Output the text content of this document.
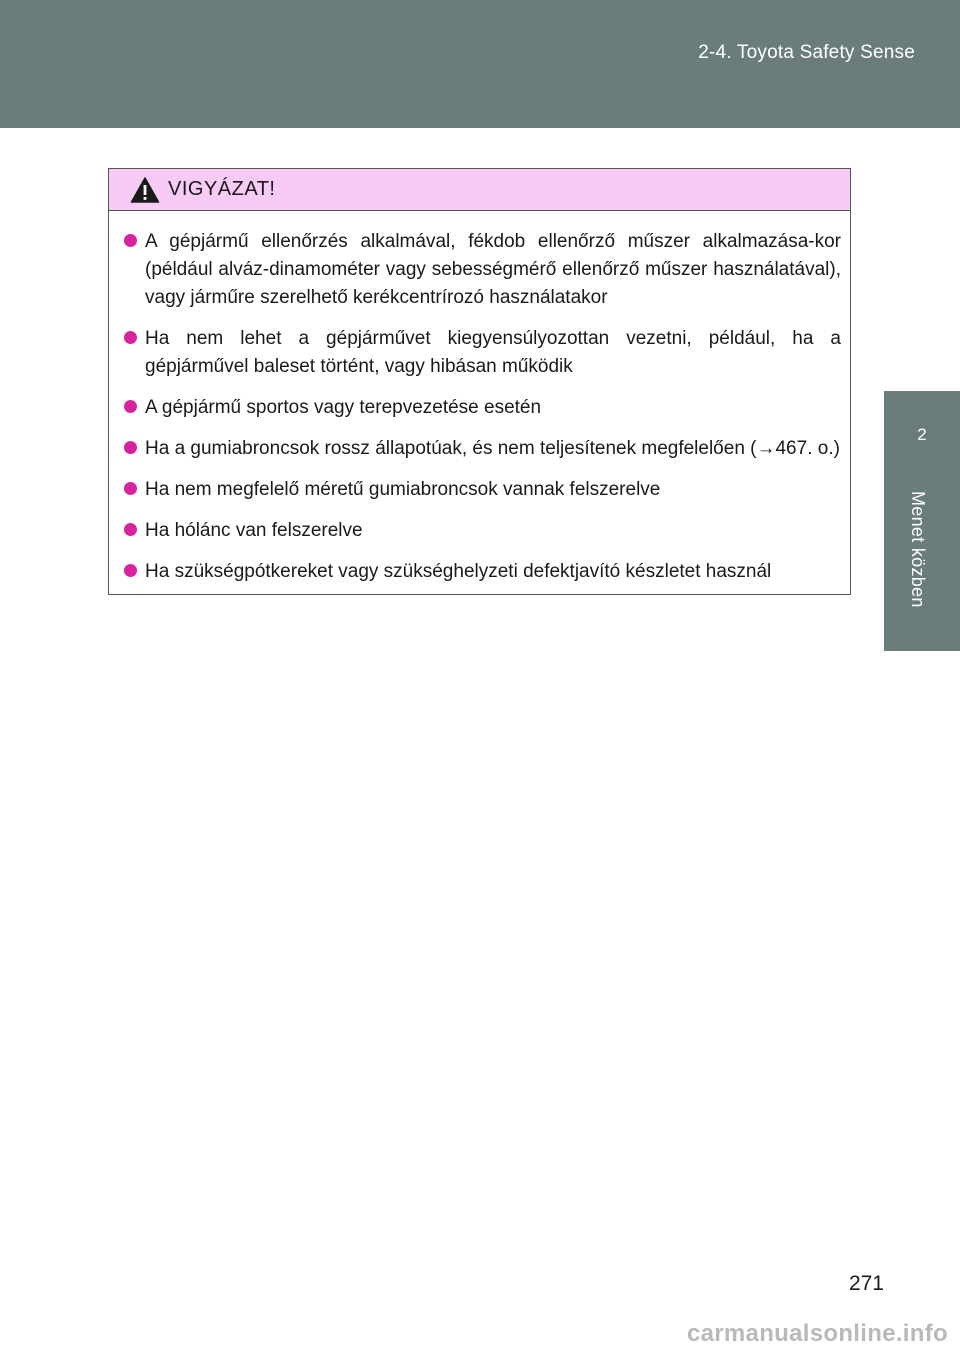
2-4. Toyota Safety Sense
2
Menet közben
VIGYÁZAT!
A gépjármű ellenőrzés alkalmával, fékdob ellenőrző műszer alkalmazása-kor (például alváz-dinamométer vagy sebességmérő ellenőrző műszer használatával), vagy járműre szerelhető kerékcentrírozó használatakor
Ha nem lehet a gépjárművet kiegyensúlyozottan vezetni, például, ha a gépjárművel baleset történt, vagy hibásan működik
A gépjármű sportos vagy terepvezetése esetén
Ha a gumiabroncsok rossz állapotúak, és nem teljesítenek megfelelően (→467. o.)
Ha nem megfelelő méretű gumiabroncsok vannak felszerelve
Ha hólánc van felszerelve
Ha szükségpótkereket vagy szükséghelyzeti defektjavító készletet használ
271
carmanualsonline.info
